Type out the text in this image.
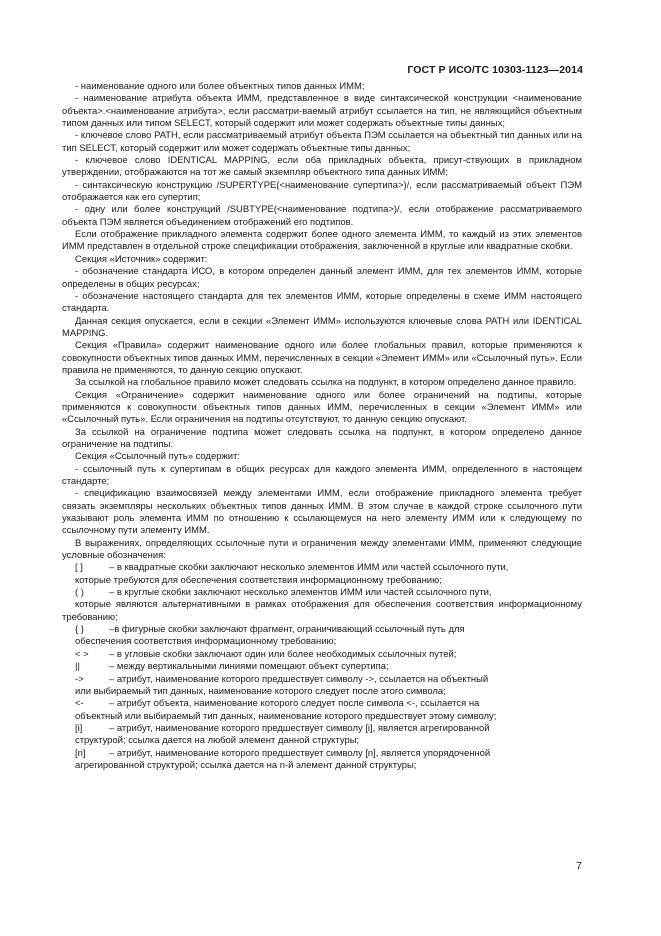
ГОСТ Р ИСО/ТС 10303-1123—2014

- наименование одного или более объектных типов данных ИММ;

- наименование атрибута объекта ИММ, представленное в виде синтаксической конструкции <наименование объекта>.<наименование атрибута>, если рассматри-ваемый атрибут ссылается на тип, не являющийся объектным типом данных или типом SELECT, который содержит или может содержать объектные типы данных;

- ключевое слово PATH, если рассматриваемый атрибут объекта ПЭМ ссылается на объектный тип данных или на тип SELECT, который содержит или может содержать объектные типы данных;

- ключевое слово IDENTICAL MAPPING, если оба прикладных объекта, присут-ствующих в прикладном утверждении, отображаются на тот же самый экземпляр объектного типа данных ИММ;

- синтаксическую конструкцию /SUPERTYPE(<наименование супертипа>)/, если рассматриваемый объект ПЭМ отображается как его супертип;

- одну или более конструкций /SUBTYPE(<наименование подтипа>)/, если отображение рассматриваемого объекта ПЭМ является объединением отображений его подтипов.

Если отображение прикладного элемента содержит более одного элемента ИММ, то каждый из этих элементов ИММ представлен в отдельной строке спецификации отображения, заключенной в круглые или квадратные скобки.

Секция «Источник» содержит:

- обозначение стандарта ИСО, в котором определен данный элемент ИММ, для тех элементов ИММ, которые определены в общих ресурсах;

- обозначение настоящего стандарта для тех элементов ИММ, которые определены в схеме ИММ настоящего стандарта.

Данная секция опускается, если в секции «Элемент ИММ» используются ключевые слова PATH или IDENTICAL MAPPING.

Секция «Правила» содержит наименование одного или более глобальных правил, которые применяются к совокупности объектных типов данных ИММ, перечисленных в секции «Элемент ИММ» или «Ссылочный путь». Если правила не применяются, то данную секцию опускают.

За ссылкой на глобальное правило может следовать ссылка на подпункт, в котором определено данное правило.

Секция «Ограничение» содержит наименование одного или более ограничений на подтипы, которые применяются к совокупности объектных типов данных ИММ, перечисленных в секции «Элемент ИММ» или «Ссылочный путь». Если ограничения на подтипы отсутствуют, то данную секцию опускают.

За ссылкой на ограничение подтипа может следовать ссылка на подпункт, в котором определено данное ограничение на подтипы.

Секция «Ссылочный путь» содержит:

- ссылочный путь к супертипам в общих ресурсах для каждого элемента ИММ, определенного в настоящем стандарте;

- спецификацию взаимосвязей между элементами ИММ, если отображение прикладного элемента требует связать экземпляры нескольких объектных типов данных ИММ. В этом случае в каждой строке ссылочного пути указывают роль элемента ИММ по отношению к ссылающемуся на него элементу ИММ или к следующему по ссылочному пути элементу ИММ.

В выражениях, определяющих ссылочные пути и ограничения между элементами ИММ, применяют следующие условные обозначения:

[ ]	– в квадратные скобки заключают несколько элементов ИММ или частей ссылочного пути,

которые требуются для обеспечения соответствия информационному требованию;

( )	– в круглые скобки заключают несколько элементов ИММ или частей ссылочного пути,

которые являются альтернативными в рамках отображения для обеспечения соответствия информационному требованию;

{ }	–в фигурные скобки заключают фрагмент, ограничивающий ссылочный путь для

обеспечения соответствия информационному требованию;

< >	– в угловые скобки заключают один или более необходимых ссылочных путей;

||	– между вертикальными линиями помещают объект супертипа;

->	– атрибут, наименование которого предшествует символу ->, ссылается на объектный

или выбираемый тип данных, наименование которого следует после этого символа;

<-	– атрибут объекта, наименование которого следует после символа <-, ссылается на

объектный или выбираемый тип данных, наименование которого предшествует этому символу;

[i]	– атрибут, наименование которого предшествует символу [i], является агрегированной

структурой; ссылка дается на любой элемент данной структуры;

[n]	– атрибут, наименование которого предшествует символу [n], является упорядоченной

агрегированной структурой; ссылка дается на n-й элемент данной структуры;

7
